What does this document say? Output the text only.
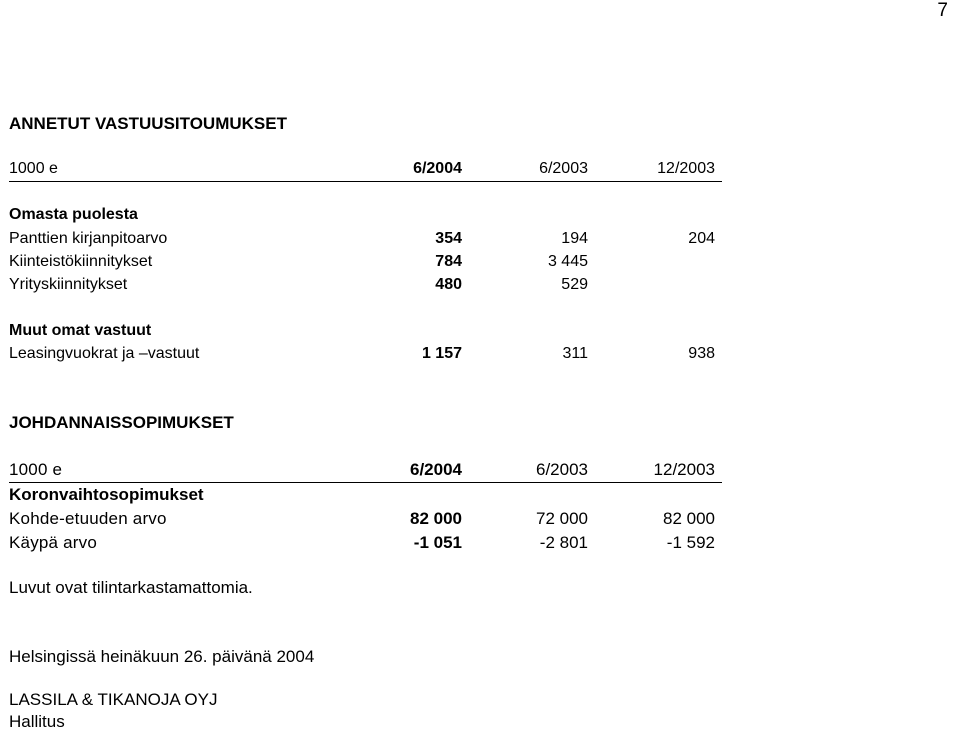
7
ANNETUT VASTUUSITOUMUKSET
1000 e	6/2004	6/2003	12/2003
Omasta puolesta
Panttien kirjanpitoarvo	354	194	204
Kiinteistökiinnitykset	784	3 445
Yrityskiinnitykset	480	529
Muut omat vastuut
Leasingvuokrat ja –vastuut	1 157	311	938
JOHDANNAISSOPIMUKSET
1000 e	6/2004	6/2003	12/2003
Koronvaihtosopimukset
Kohde-etuuden arvo	82 000	72 000	82 000
Käypä arvo	-1 051	-2 801	-1 592
Luvut ovat tilintarkastamattomia.
Helsingissä heinäkuun 26. päivänä 2004
LASSILA & TIKANOJA OYJ
Hallitus
